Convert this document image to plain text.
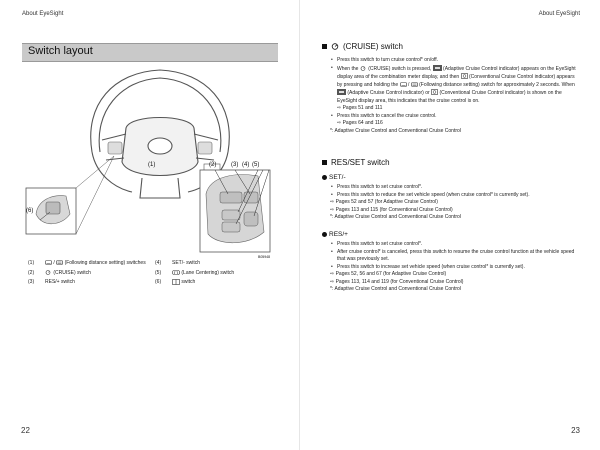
About EyeSight
Switch layout
(1)	(2) (3) (4) (5)
(6)
B05948
(1)	/ (Following distance setting) switches
(2)	(CRUISE) switch
(3)	RES/+ switch
(4)	SET/- switch
(5)	(Lane Centering) switch
(6)	switch
22
About EyeSight
23
(CRUISE) switch
• Press this switch to turn cruise control* on/off.
• When the (CRUISE) switch is pressed, (Adaptive Cruise Control indicator) appears on the EyeSight display area of the combination meter display, and then (Conventional Cruise Control indicator) appears by pressing and holding the / (Following distance setting) switch for approximately 2 seconds. When
(Adaptive Cruise Control indicator) or (Conventional Cruise Control indicator) is shown on the EyeSight display area, this indicates that the cruise control is on.
⇨ Pages 51 and 111
• Press this switch to cancel the cruise control.
⇨ Pages 64 and 116
*: Adaptive Cruise Control and Conventional Cruise Control
RES/SET switch
SET/-
• Press this switch to set cruise control*.
• Press this switch to reduce the set vehicle speed (when cruise control* is currently set).
⇨ Pages 52 and 57 (for Adaptive Cruise Control)
⇨ Pages 113 and 115 (for Conventional Cruise Control)
*: Adaptive Cruise Control and Conventional Cruise Control
RES/+
• Press this switch to set cruise control*.
• After cruise control* is canceled, press this switch to resume the cruise control function at the vehicle speed that was previously set.
• Press this switch to increase set vehicle speed (when cruise control* is currently set).
⇨ Pages 52, 56 and 67 (for Adaptive Cruise Control)
⇨ Pages 113, 114 and 119 (for Conventional Cruise Control)
*: Adaptive Cruise Control and Conventional Cruise Control
